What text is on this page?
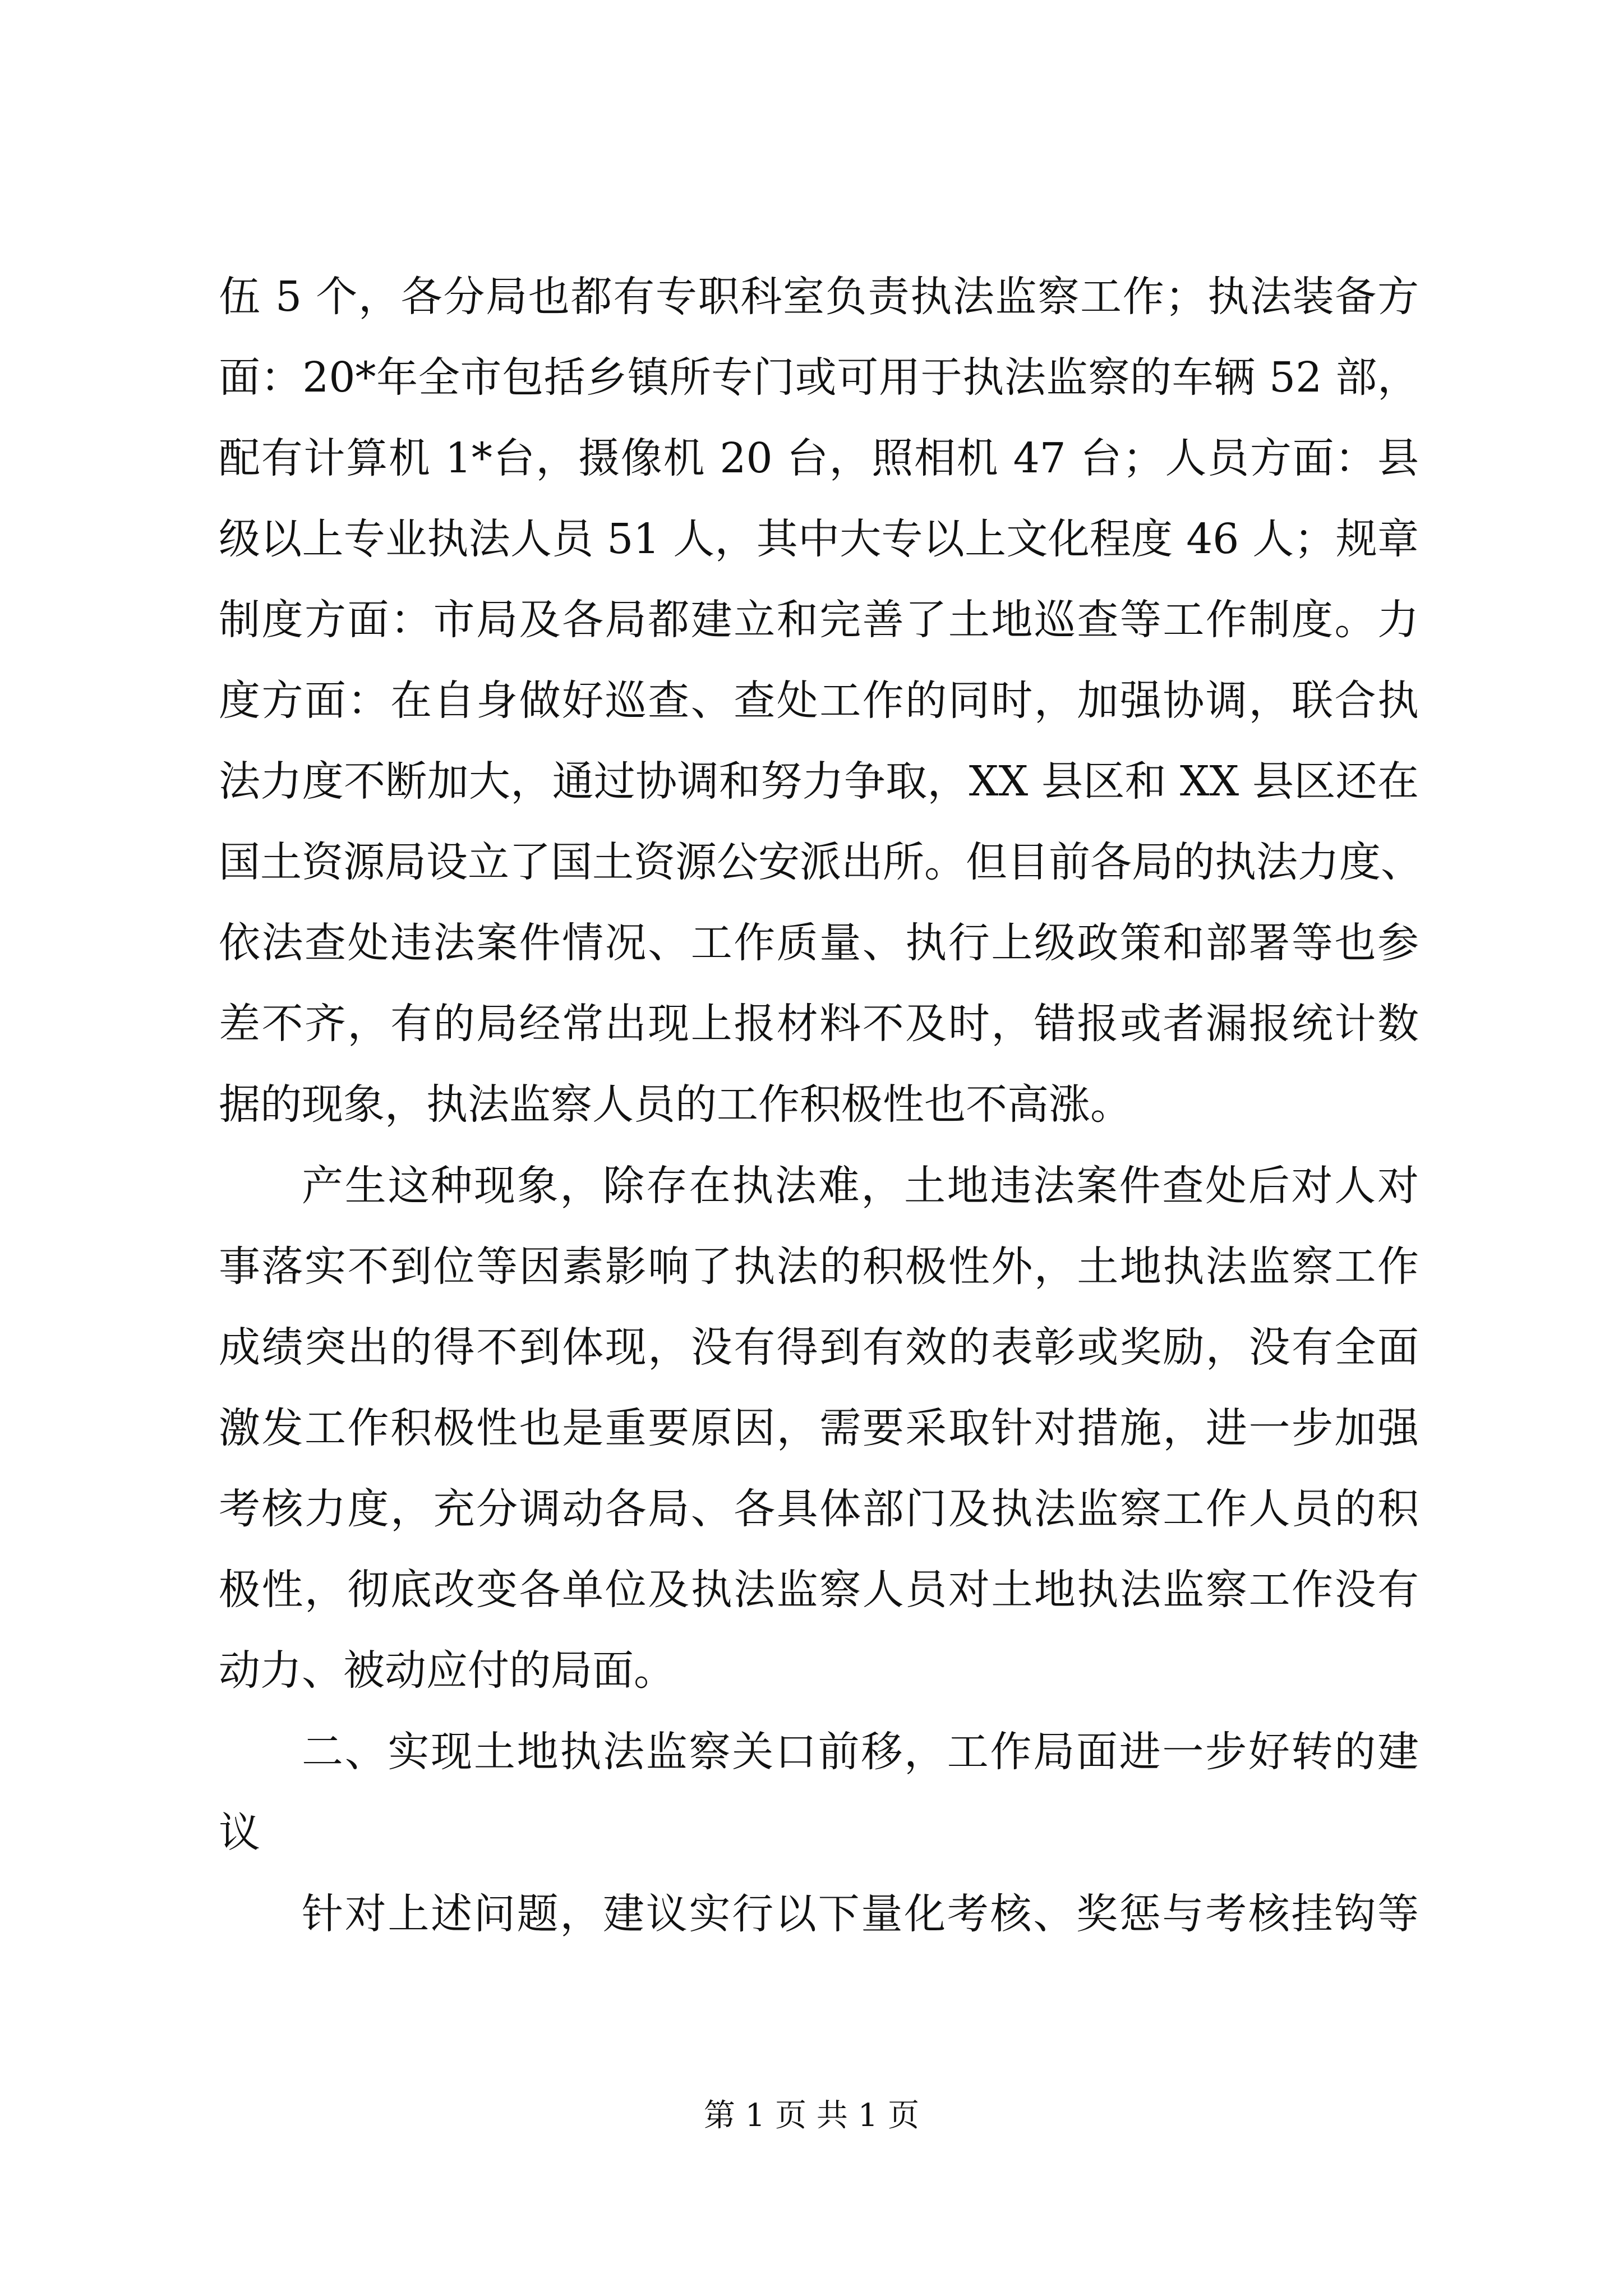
伍 5 个，各分局也都有专职科室负责执法监察工作；执法装备方
面：20*年全市包括乡镇所专门或可用于执法监察的车辆 52 部，
配有计算机 1*台，摄像机 20 台，照相机 47 台；人员方面：县
级以上专业执法人员 51 人，其中大专以上文化程度 46 人；规章
制度方面：市局及各局都建立和完善了土地巡查等工作制度。力
度方面：在自身做好巡查、查处工作的同时，加强协调，联合执
法力度不断加大，通过协调和努力争取，XX 县区和 XX 县区还在
国土资源局设立了国土资源公安派出所。但目前各局的执法力度、
依法查处违法案件情况、工作质量、执行上级政策和部署等也参
差不齐，有的局经常出现上报材料不及时，错报或者漏报统计数
据的现象，执法监察人员的工作积极性也不高涨。
产生这种现象，除存在执法难，土地违法案件查处后对人对
事落实不到位等因素影响了执法的积极性外，土地执法监察工作
成绩突出的得不到体现，没有得到有效的表彰或奖励，没有全面
激发工作积极性也是重要原因，需要采取针对措施，进一步加强
考核力度，充分调动各局、各具体部门及执法监察工作人员的积
极性，彻底改变各单位及执法监察人员对土地执法监察工作没有
动力、被动应付的局面。
二、实现土地执法监察关口前移，工作局面进一步好转的建
议
针对上述问题，建议实行以下量化考核、奖惩与考核挂钩等
第 1 页 共 1 页
